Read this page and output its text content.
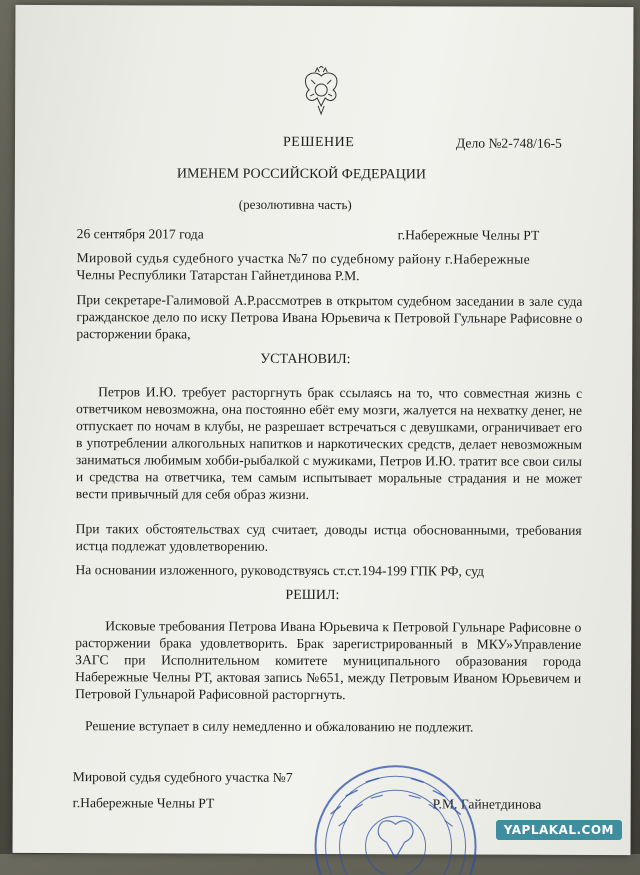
РЕШЕНИЕ	Дело №2-748/16-5
ИМЕНЕМ РОССИЙСКОЙ ФЕДЕРАЦИИ
(резолютивна часть)
26 сентября 2017 года	г.Набережные Челны РТ
Мировой судья судебного участка №7 по судебному району г.Набережные
Челны Республики Татарстан Гайнетдинова Р.М.
При секретаре-Галимовой А.Р.рассмотрев в открытом судебном заседании в зале суда гражданское дело по иску Петрова Ивана Юрьевича к Петровой Гульнаре Рафисовне о расторжении брака,
УСТАНОВИЛ:
Петров И.Ю. требует расторгнуть брак ссылаясь на то, что совместная жизнь с ответчиком невозможна, она постоянно ебёт ему мозги, жалуется на нехватку денег, не отпускает по ночам в клубы, не разрешает встречаться с девушками, ограничивает его в употреблении алкогольных напитков и наркотических средств, делает невозможным заниматься любимым хобби-рыбалкой с мужиками, Петров И.Ю. тратит все свои силы и средства на ответчика, тем самым испытывает моральные страдания и не может вести привычный для себя образ жизни.
При таких обстоятельствах суд считает, доводы истца обоснованными, требования истца подлежат удовлетворению.
На основании изложенного, руководствуясь ст.ст.194-199 ГПК РФ, суд
РЕШИЛ:
Исковые требования Петрова Ивана Юрьевича к Петровой Гульнаре Рафисовне о расторжении брака удовлетворить. Брак зарегистрированный в МКУ»Управление ЗАГС при Исполнительном комитете муниципального образования города Набережные Челны РТ, актовая запись №651, между Петровым Иваном Юрьевичем и Петровой Гульнарой Рафисовной расторгнуть.
Решение вступает в силу немедленно и обжалованию не подлежит.
Мировой судья судебного участка №7
г.Набережные Челны РТ	Р.М. Гайнетдинова
YAPLAKAL.COM
